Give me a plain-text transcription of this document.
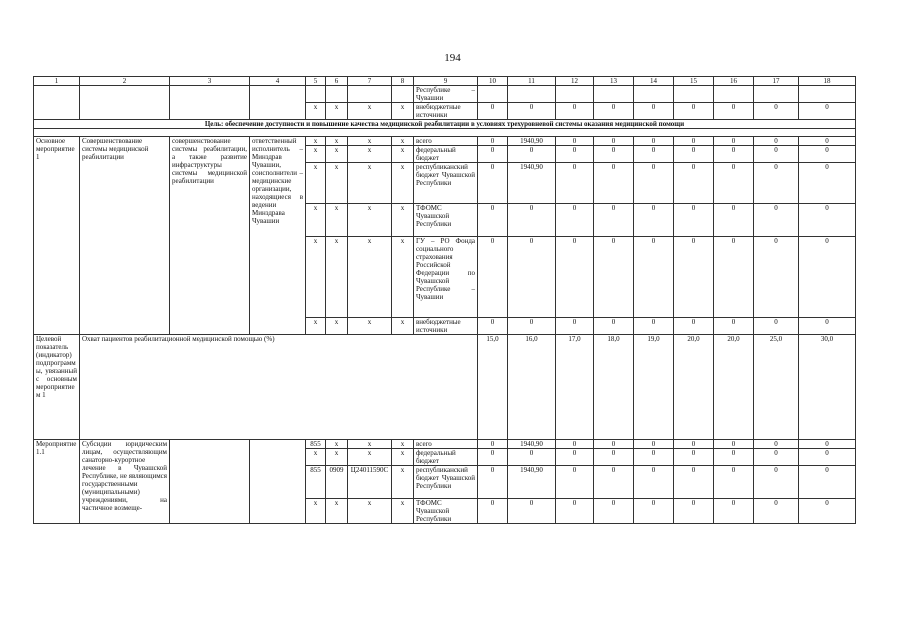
194
1	2	3	4	5	6	7	8	9	10	11	12	13	14	15	16	17	18
								Республике – Чувашии									
				x	x	x	x	внебюджетные источники	0	0	0	0	0	0	0	0	0
Цель: обеспечение доступности и повышение качества медицинской реабилитации в условиях трехуровневой системы оказания медицинской помощи																	

Основное мероприятие 1	Совершенствование системы медицинской реабилитации	совершенствование системы реабилитации, а также развитие инфраструктуры системы медицинской реабилитации	ответственный исполнитель – Минздрав Чувашии, соисполнители – медицинские организации, находящиеся в ведении Минздрава Чувашии	x	x	x	x	всего	0	1940,90	0	0	0	0	0	0	0
				x	x	x	x	федеральный бюджет	0	0	0	0	0	0	0	0	0
				x	x	x	x	республиканский бюджет Чувашской Республики	0	1940,90	0	0	0	0	0	0	0
				x	x	x	x	ТФОМС Чувашской Республики	0	0	0	0	0	0	0	0	0
				x	x	x	x	ГУ – РО Фонда социального страхования Российской Федерации по Чувашской Республике – Чувашии	0	0	0	0	0	0	0	0	0
				x	x	x	x	внебюджетные источники	0	0	0	0	0	0	0	0	0
Целевой показатель (индикатор) подпрограммы, увязанный с основным мероприятием 1	Охват пациентов реабилитационной медицинской помощью (%)								15,0	16,0	17,0	18,0	19,0	20,0	20,0	25,0	30,0
Мероприятие 1.1	Субсидии юридическим лицам, осуществляющим санаторно-курортное лечение в Чувашской Республике, не являющимся государственными (муниципальными) учреждениями, на частичное возмеще-			855	x	x	x	всего	0	1940,90	0	0	0	0	0	0	0
				x	x	x	x	федеральный бюджет	0	0	0	0	0	0	0	0	0
				855	0909	Ц24011590C	x	республиканский бюджет Чувашской Республики	0	1940,90	0	0	0	0	0	0	0
				x	x	x	x	ТФОМС Чувашской Республики	0	0	0	0	0	0	0	0	0
